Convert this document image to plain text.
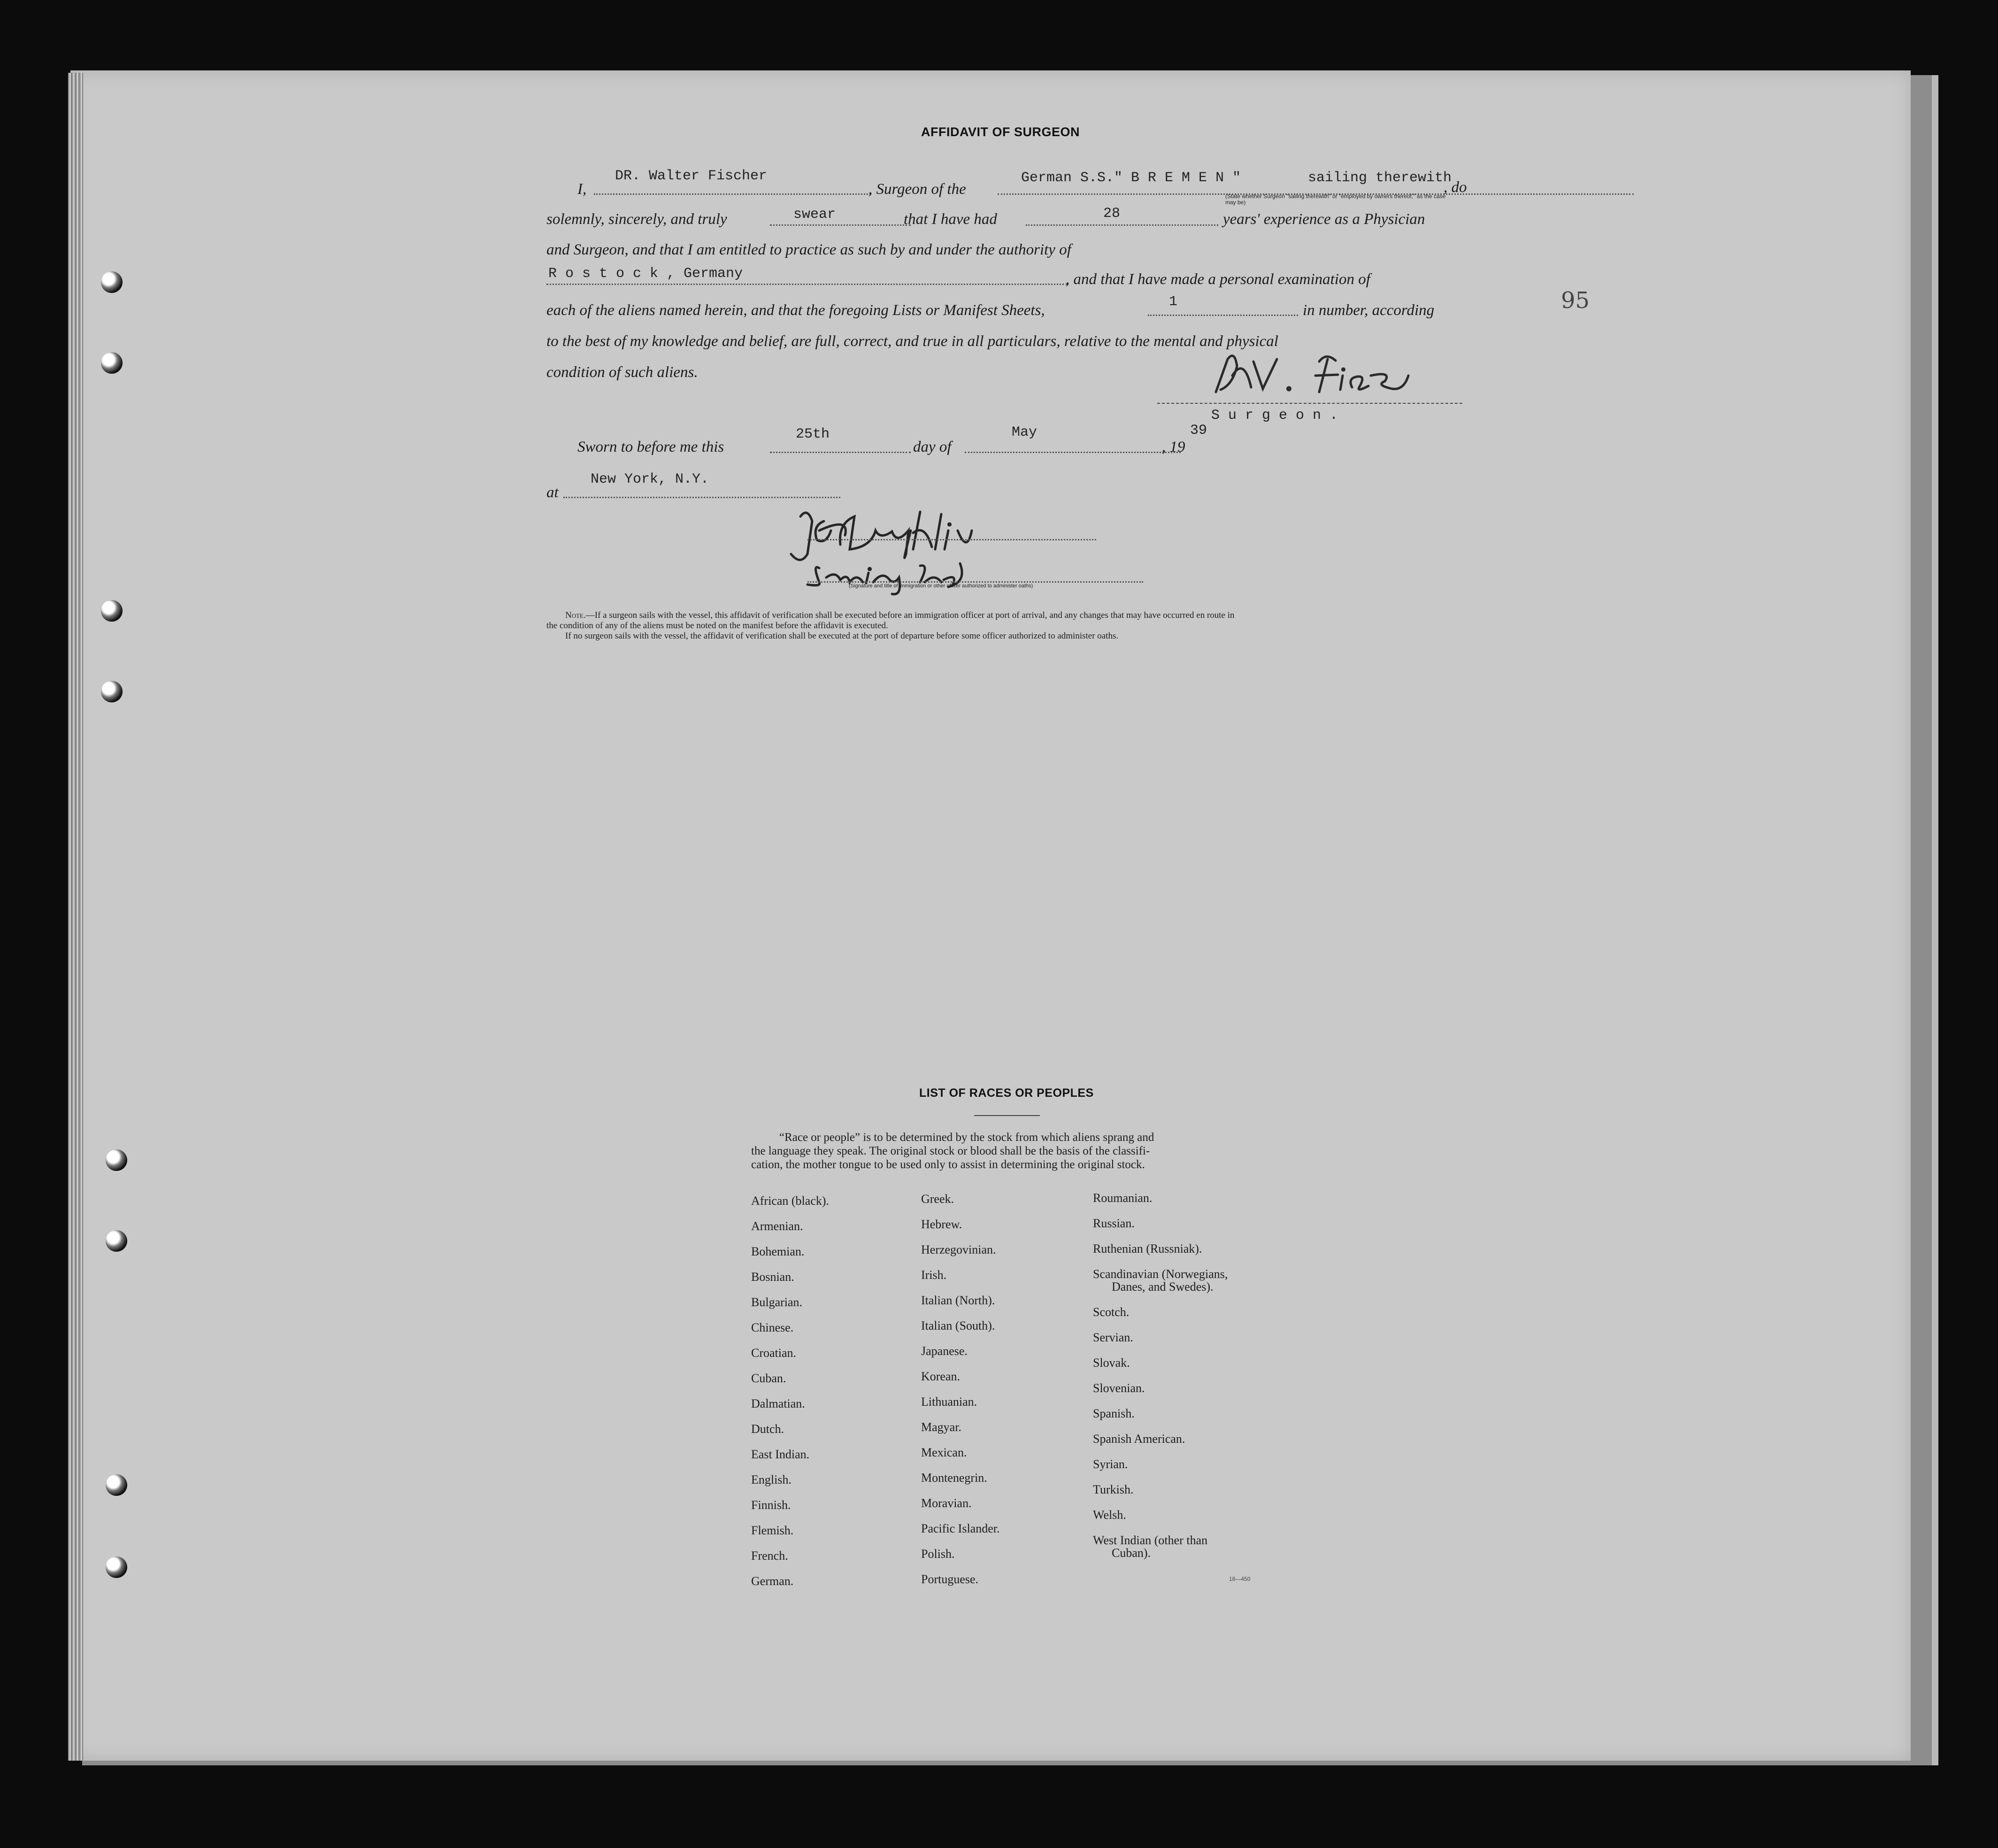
95
AFFIDAVIT OF SURGEON
I,
DR. Walter Fischer
, Surgeon of the
German S.S." B R E M E N "	sailing therewith
, do
(State whether Surgeon "sailing therewith" or "employed by owners thereof," as the case may be)
solemnly, sincerely, and truly	swear	that I have had	28	years' experience as a Physician
and Surgeon, and that I am entitled to practice as such by and under the authority of
R o s t o c k , Germany	, and that I have made a personal examination of
each of the aliens named herein, and that the foregoing Lists or Manifest Sheets,	1	in number, according
to the best of my knowledge and belief, are full, correct, and true in all particulars, relative to the mental and physical
condition of such aliens.
S u r g e o n .
Sworn to before me this
25th
day of
May
, 19
39
at
New York, N.Y.
(Signature and title of immigration or other officer authorized to administer oaths)
Note.—If a surgeon sails with the vessel, this affidavit of verification shall be executed before an immigration officer at port of arrival, and any changes that may have occurred en route in
the condition of any of the aliens must be noted on the manifest before the affidavit is executed.
If no surgeon sails with the vessel, the affidavit of verification shall be executed at the port of departure before some officer authorized to administer oaths.
LIST OF RACES OR PEOPLES
“Race or people” is to be determined by the stock from which aliens sprang and
the language they speak. The original stock or blood shall be the basis of the classifi-
cation, the mother tongue to be used only to assist in determining the original stock.
African (black).
Armenian.
Bohemian.
Bosnian.
Bulgarian.
Chinese.
Croatian.
Cuban.
Dalmatian.
Dutch.
East Indian.
English.
Finnish.
Flemish.
French.
German.
Greek.
Hebrew.
Herzegovinian.
Irish.
Italian (North).
Italian (South).
Japanese.
Korean.
Lithuanian.
Magyar.
Mexican.
Montenegrin.
Moravian.
Pacific Islander.
Polish.
Portuguese.
Roumanian.
Russian.
Ruthenian (Russniak).
Scandinavian (Norwegians,
Danes, and Swedes).
Scotch.
Servian.
Slovak.
Slovenian.
Spanish.
Spanish American.
Syrian.
Turkish.
Welsh.
West Indian (other than
Cuban).
18—450
